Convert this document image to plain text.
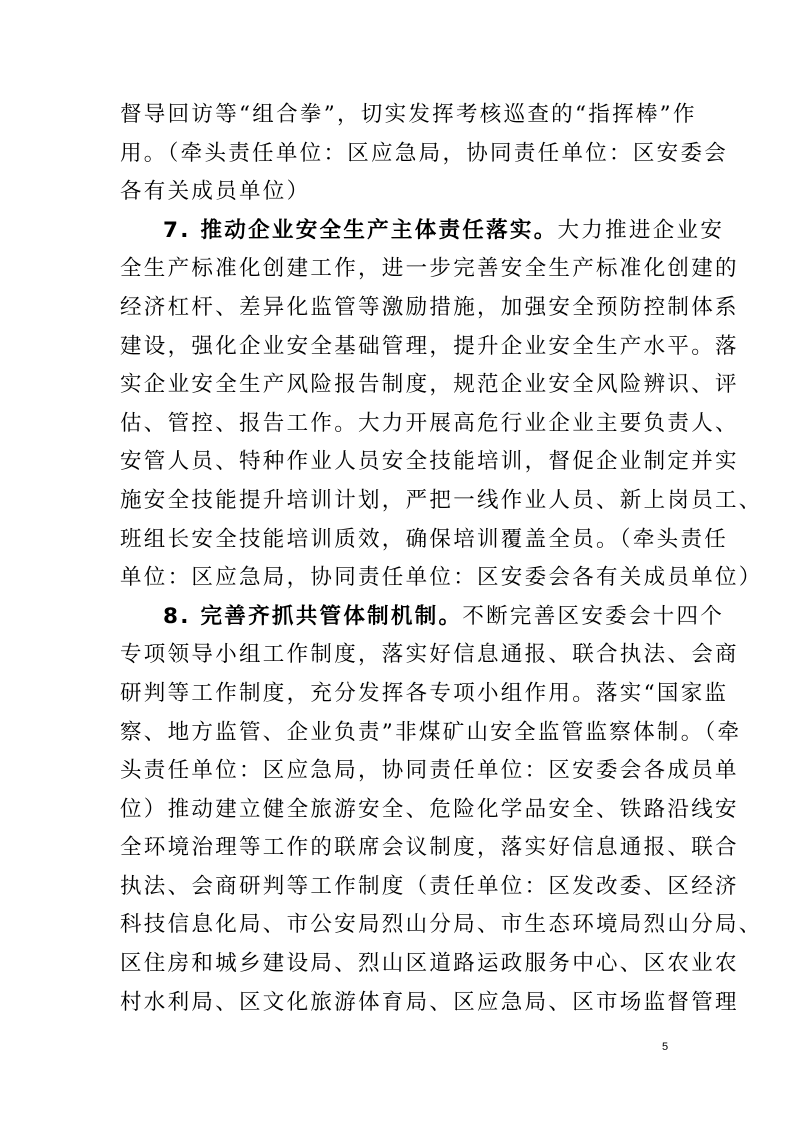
督导回访等“组合拳”，切实发挥考核巡查的“指挥棒”作
用。（牵头责任单位：区应急局，协同责任单位：区安委会
各有关成员单位）
7. 推动企业安全生产主体责任落实。大力推进企业安
全生产标准化创建工作，进一步完善安全生产标准化创建的
经济杠杆、差异化监管等激励措施，加强安全预防控制体系
建设，强化企业安全基础管理，提升企业安全生产水平。落
实企业安全生产风险报告制度，规范企业安全风险辨识、评
估、管控、报告工作。大力开展高危行业企业主要负责人、
安管人员、特种作业人员安全技能培训，督促企业制定并实
施安全技能提升培训计划，严把一线作业人员、新上岗员工、
班组长安全技能培训质效，确保培训覆盖全员。（牵头责任
单位：区应急局，协同责任单位：区安委会各有关成员单位）
8. 完善齐抓共管体制机制。不断完善区安委会十四个
专项领导小组工作制度，落实好信息通报、联合执法、会商
研判等工作制度，充分发挥各专项小组作用。落实“国家监
察、地方监管、企业负责”非煤矿山安全监管监察体制。（牵
头责任单位：区应急局，协同责任单位：区安委会各成员单
位）推动建立健全旅游安全、危险化学品安全、铁路沿线安
全环境治理等工作的联席会议制度，落实好信息通报、联合
执法、会商研判等工作制度（责任单位：区发改委、区经济
科技信息化局、市公安局烈山分局、市生态环境局烈山分局、
区住房和城乡建设局、烈山区道路运政服务中心、区农业农
村水利局、区文化旅游体育局、区应急局、区市场监督管理
5
